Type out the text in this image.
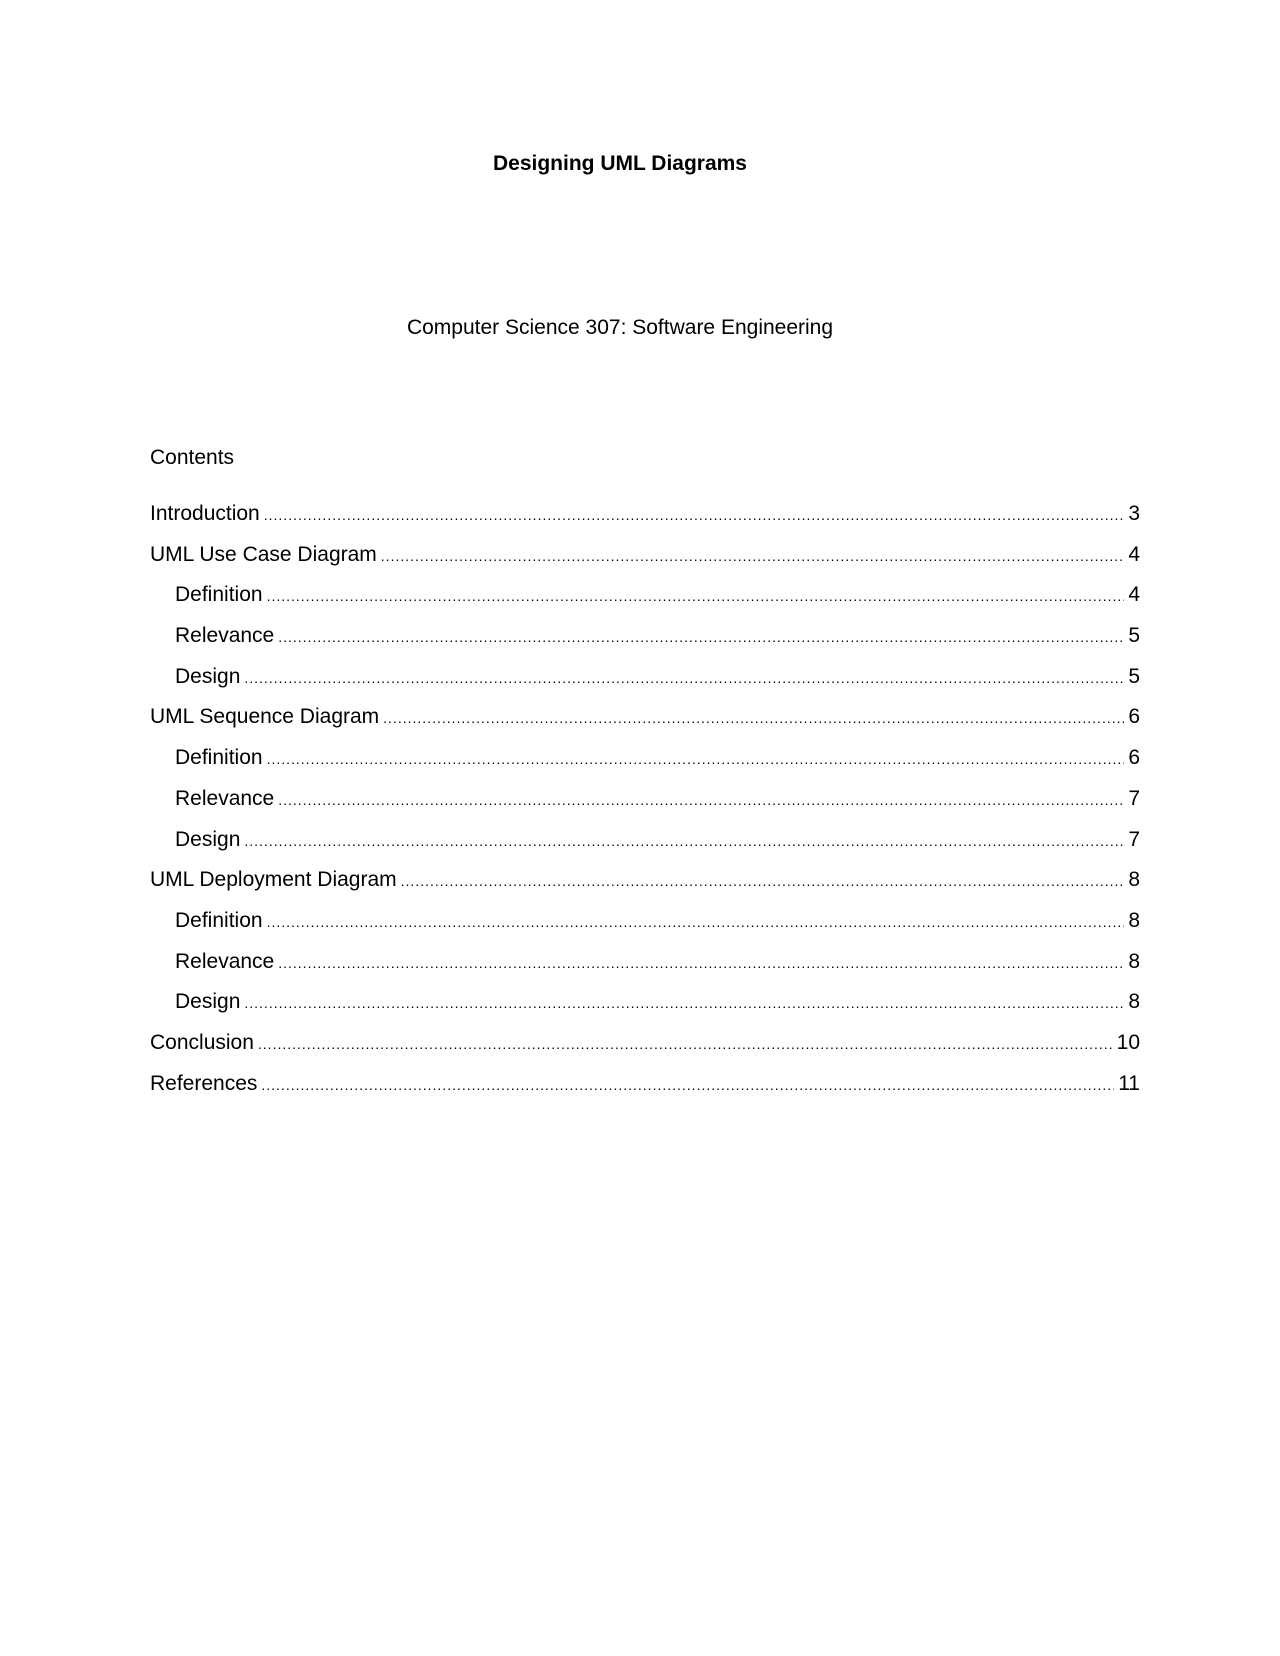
Designing UML Diagrams
Computer Science 307: Software Engineering
Contents
Introduction .....	3
UML Use Case Diagram .....	4
Definition .....	4
Relevance .....	5
Design .....	5
UML Sequence Diagram .....	6
Definition .....	6
Relevance .....	7
Design .....	7
UML Deployment Diagram .....	8
Definition .....	8
Relevance .....	8
Design .....	8
Conclusion .....	10
References .....	11
